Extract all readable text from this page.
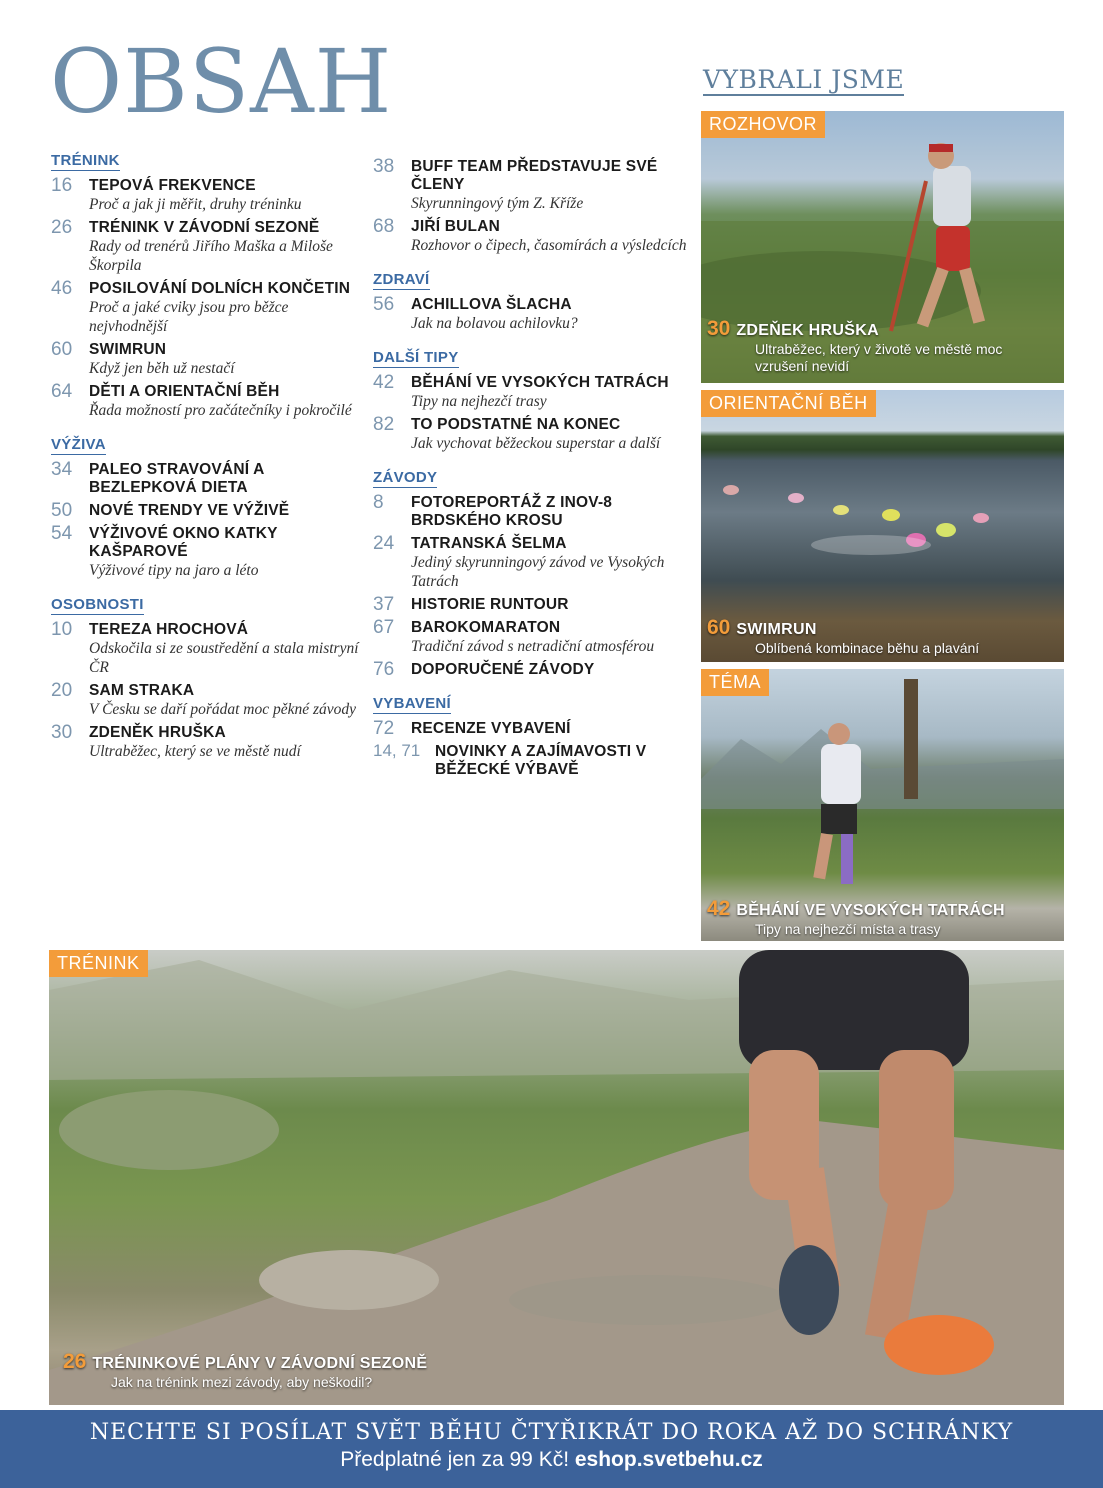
OBSAH
TRÉNINK
16 TEPOVÁ FREKVENCE
Proč a jak ji měřit, druhy tréninku
26 TRÉNINK V ZÁVODNÍ SEZONĚ
Rady od trenérů Jiřího Maška a Miloše Škorpila
46 POSILOVÁNÍ DOLNÍCH KONČETIN
Proč a jaké cviky jsou pro běžce nejvhodnější
60 SWIMRUN
Když jen běh už nestačí
64 DĚTI A ORIENTAČNÍ BĚH
Řada možností pro začátečníky i pokročilé
VÝŽIVA
34 PALEO STRAVOVÁNÍ A BEZLEPKOVÁ DIETA
50 NOVÉ TRENDY VE VÝŽIVĚ
54 VÝŽIVOVÉ OKNO KATKY KAŠPAROVÉ
Výživové tipy na jaro a léto
OSOBNOSTI
10 TEREZA HROCHOVÁ
Odskočila si ze soustředění a stala mistryní ČR
20 SAM STRAKA
V Česku se daří pořádat moc pěkné závody
30 ZDENĚK HRUŠKA
Ultraběžec, který se ve městě nudí
38 BUFF TEAM PŘEDSTAVUJE SVÉ ČLENY
Skyrunningový tým Z. Kříže
68 JIŘÍ BULAN
Rozhovor o čipech, časomírách a výsledcích
ZDRAVÍ
56 ACHILLOVA ŠLACHA
Jak na bolavou achilovku?
DALŠÍ TIPY
42 BĚHÁNÍ VE VYSOKÝCH TATRÁCH
Tipy na nejhezčí trasy
82 TO PODSTATNÉ NA KONEC
Jak vychovat běžeckou superstar a další
ZÁVODY
8 FOTOREPORTÁŽ Z INOV-8 BRDSKÉHO KROSU
24 TATRANSKÁ ŠELMA
Jediný skyrunningový závod ve Vysokých Tatrách
37 HISTORIE RUNTOUR
67 BAROKOMARATON
Tradiční závod s netradiční atmosférou
76 DOPORUČENÉ ZÁVODY
VYBAVENÍ
72 RECENZE VYBAVENÍ
14, 71 NOVINKY A ZAJÍMAVOSTI V BĚŽECKÉ VÝBAVĚ
VYBRALI JSME
ROZHOVOR
30 ZDEŇEK HRUŠKA
Ultraběžec, který v životě ve městě moc vzrušení nevidí
ORIENTAČNÍ BĚH
60 SWIMRUN
Oblíbená kombinace běhu a plavání
TÉMA
42 BĚHÁNÍ VE VYSOKÝCH TATRÁCH
Tipy na nejhezčí místa a trasy
TRÉNINK
26 TRÉNINKOVÉ PLÁNY V ZÁVODNÍ SEZONĚ
Jak na trénink mezi závody, aby neškodil?
NECHTE SI POSÍLAT SVĚT BĚHU ČTYŘIKRÁT DO ROKA AŽ DO SCHRÁNKY
Předplatné jen za 99 Kč! eshop.svetbehu.cz
